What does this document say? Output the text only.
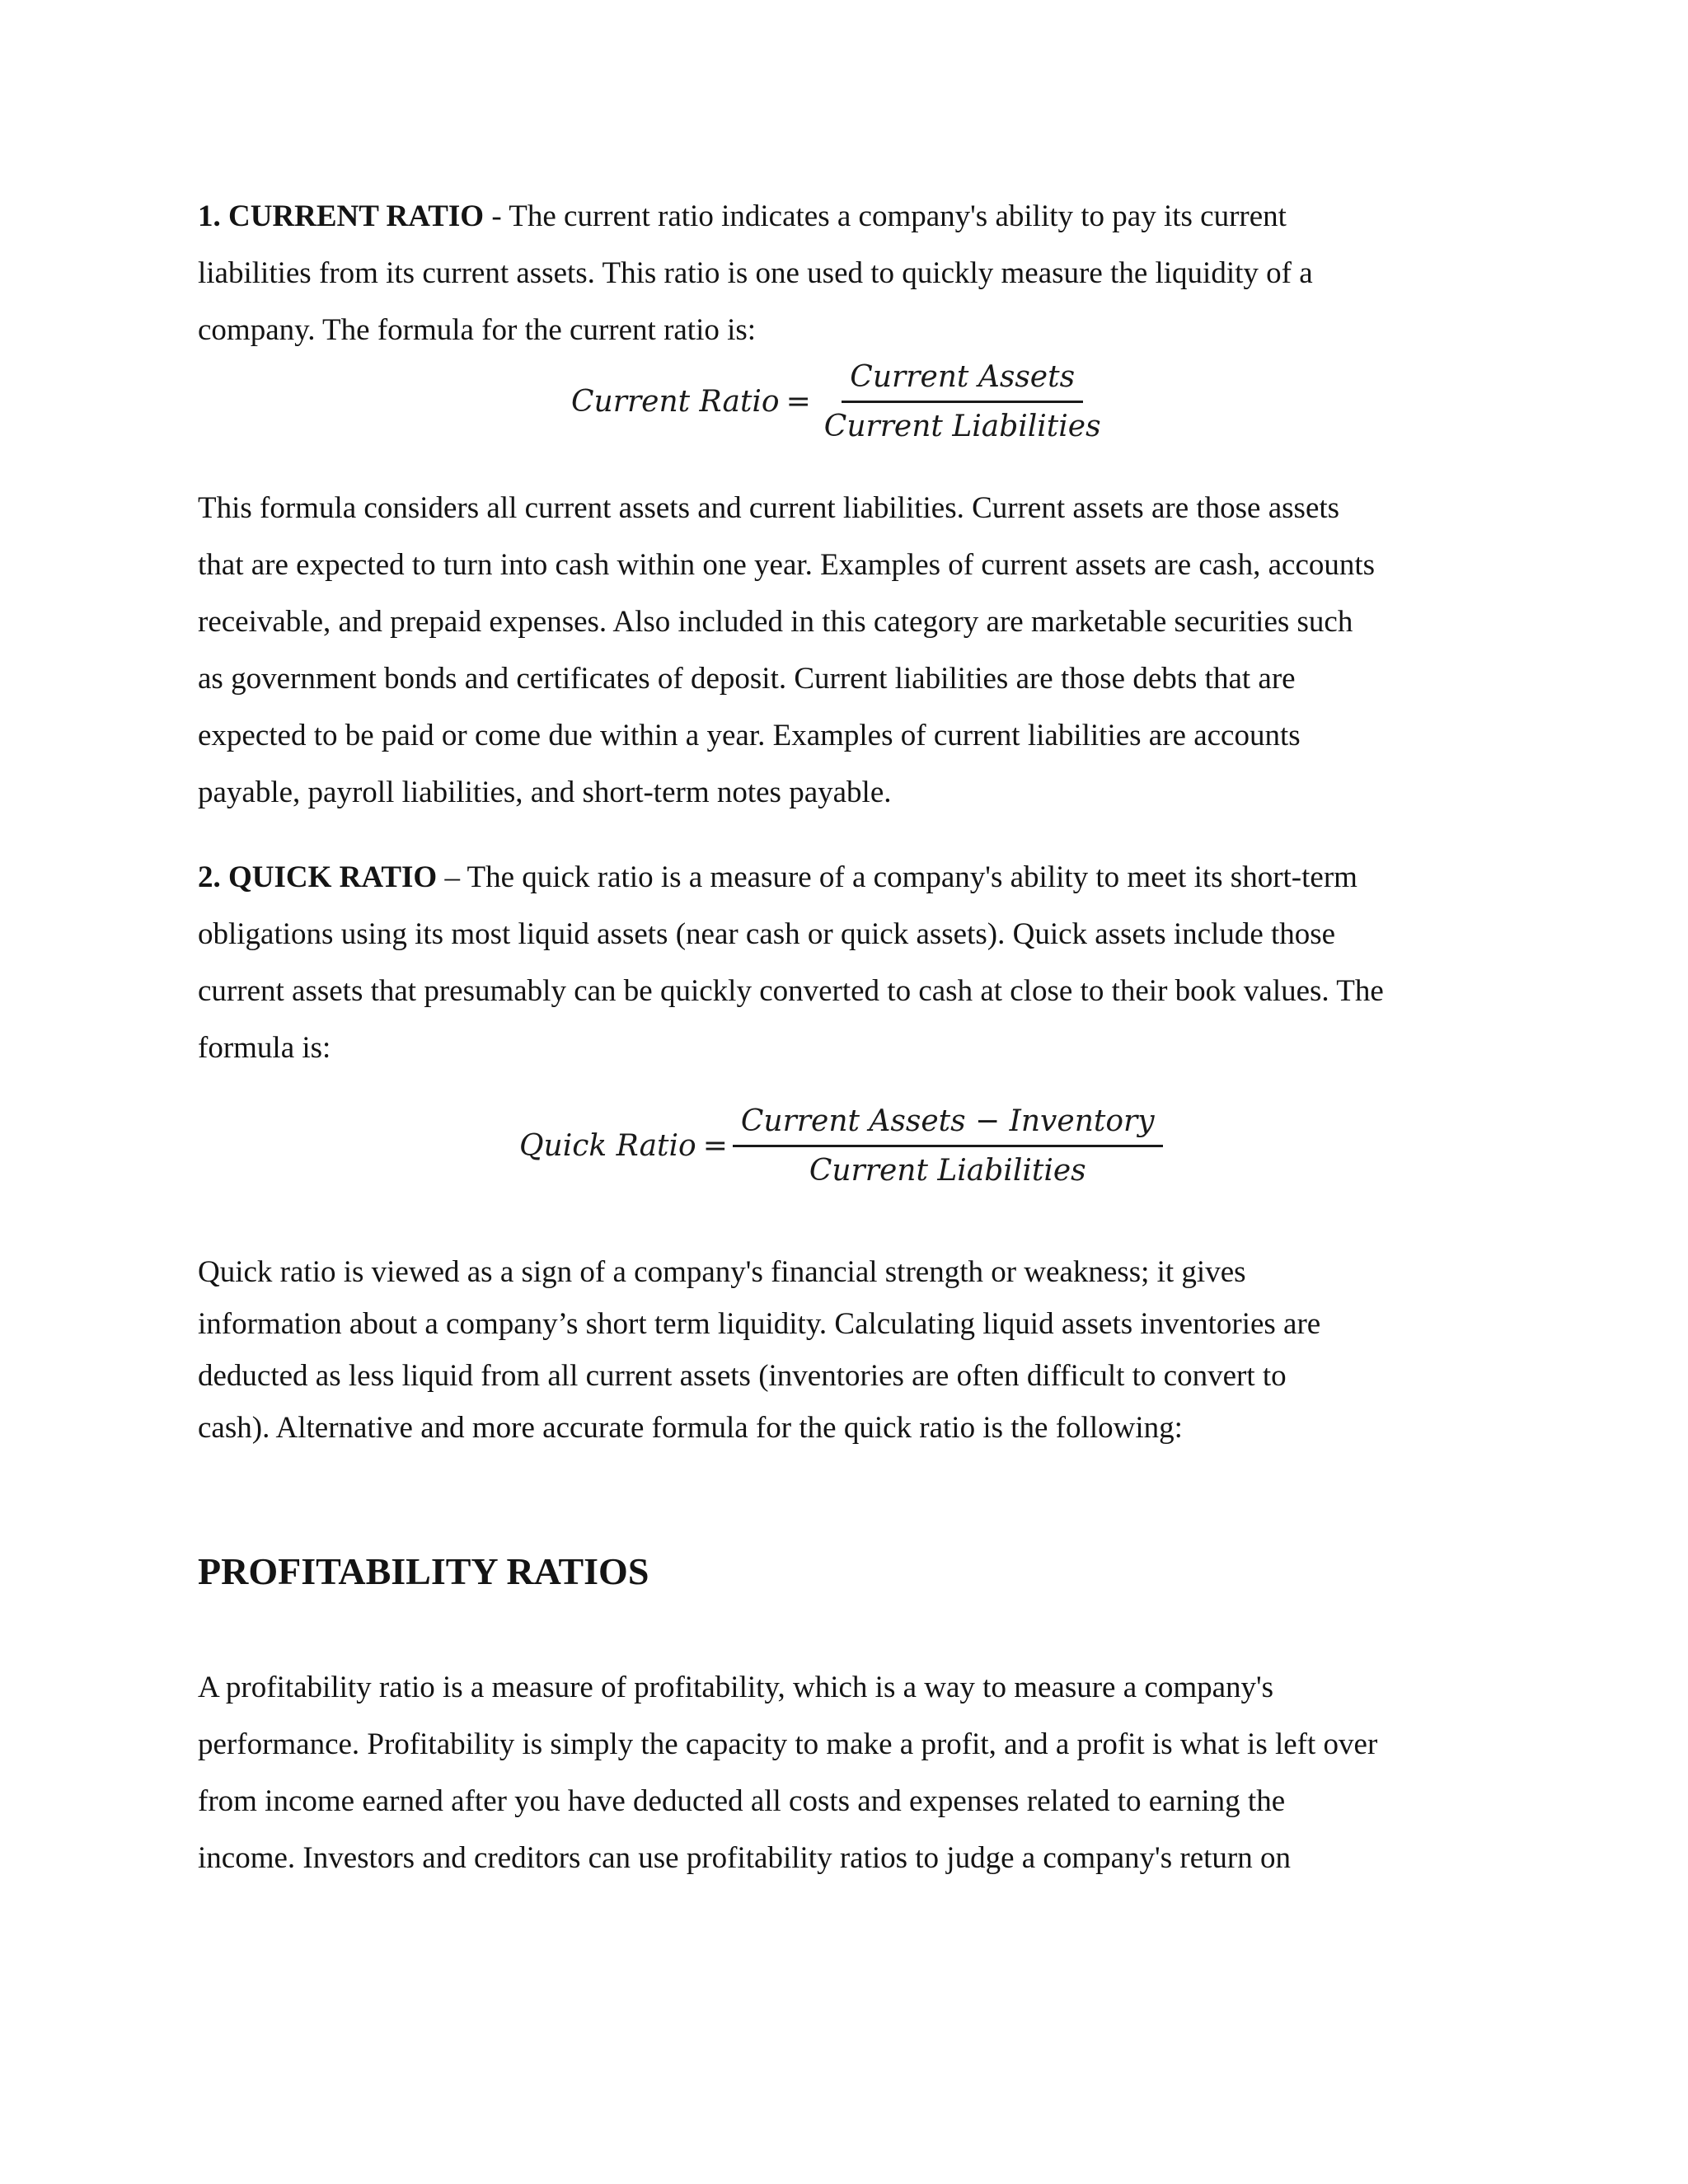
1. CURRENT RATIO - The current ratio indicates a company's ability to pay its current
liabilities from its current assets. This ratio is one used to quickly measure the liquidity of a
company. The formula for the current ratio is:
Current Ratio = $\frac{\text{Current Assets}}{\text{Current Liabilities}}$
This formula considers all current assets and current liabilities. Current assets are those assets
that are expected to turn into cash within one year. Examples of current assets are cash, accounts
receivable, and prepaid expenses. Also included in this category are marketable securities such
as government bonds and certificates of deposit. Current liabilities are those debts that are
expected to be paid or come due within a year. Examples of current liabilities are accounts
payable, payroll liabilities, and short-term notes payable.
2. QUICK RATIO – The quick ratio is a measure of a company's ability to meet its short-term
obligations using its most liquid assets (near cash or quick assets). Quick assets include those
current assets that presumably can be quickly converted to cash at close to their book values. The
formula is:
Quick Ratio = $\frac{\text{Current Assets − Inventory}}{\text{Current Liabilities}}$
Quick ratio is viewed as a sign of a company's financial strength or weakness; it gives
information about a company’s short term liquidity. Calculating liquid assets inventories are
deducted as less liquid from all current assets (inventories are often difficult to convert to
cash). Alternative and more accurate formula for the quick ratio is the following:
PROFITABILITY RATIOS
A profitability ratio is a measure of profitability, which is a way to measure a company's
performance. Profitability is simply the capacity to make a profit, and a profit is what is left over
from income earned after you have deducted all costs and expenses related to earning the
income. Investors and creditors can use profitability ratios to judge a company's return on
